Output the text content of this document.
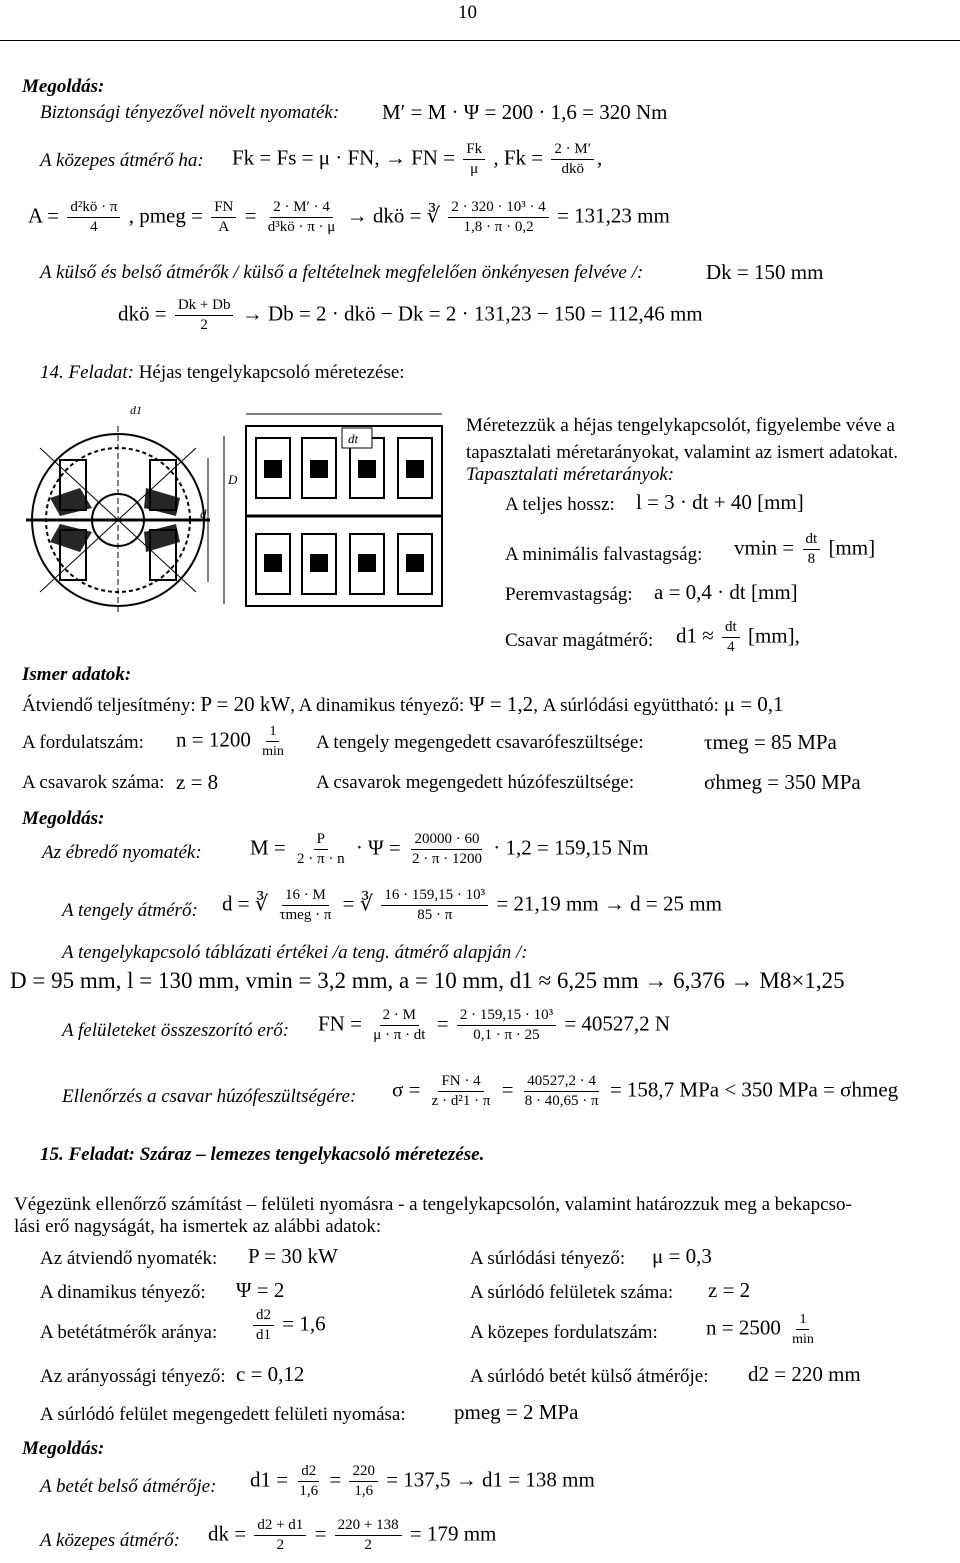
10
Megoldás:
Biztonsági tényezővel növelt nyomaték: M′ = M · Ψ = 200 · 1,6 = 320 Nm
A közepes átmérő ha: Fk = Fs = μ · FN, → FN = $\frac{Fk}{\mu}$ , $Fk = \frac{2 \cdot M'}{\text{dkö}}$ ,
$A = \frac{\text{d²kö · π}}{4}$ , pmeg = $\frac{FN}{A} = \frac{2 \cdot M' \cdot 4}{\text{d³kö · π · μ}}$ → dkö = ∛ $\frac{\text{2 · 320 · 10³ · 4}}{1,8 \cdot \pi \cdot 0,2} = 131,23$ mm
A külső és belső átmérők / külső a feltételnek megfelelően önkényesen felvéve /:	Dk = 150 mm
dkö = $\frac{Dk + Db}{2} \to Db = 2$ · dkö − Dk = 2 · 131,23 − 150 = 112,46 mm
14. Feladat: Héjas tengelykapcsoló méretezése:
d
D
d1
dt
Méretezzük a héjas tengelykapcsolót, figyelembe véve a
tapasztalati méretarányokat, valamint az ismert adatokat.
Tapasztalati méretarányok:
A teljes hossz: l = 3 · dt + 40 [mm]
A minimális falvastagság: $vmin = \frac{dt}{8} [mm]$
Peremvastagság: a = 0,4 · dt [mm]
Csavar magátmérő: $d1 \approx \frac{dt}{4} [mm]$,
Ismer adatok:
Átviendő teljesítmény: P = 20 kW, A dinamikus tényező: Ψ = 1,2, A súrlódási együttható: μ = 0,1
A fordulatszám: $n = 1200 \frac{1}{\min}$ A tengely megengedett csavarófeszültsége:	τmeg = 85 MPa
A csavarok száma: z = 8	A csavarok megengedett húzófeszültsége:	σhmeg = 350 MPa
Megoldás:
Az ébredő nyomaték: $M = \frac{P}{2 \cdot \pi \cdot n} \cdot \Psi = \frac{20000 \cdot 60}{2 \cdot \pi \cdot 1200} \cdot 1,2 = 159,15$ Nm
A tengely átmérő: d = ∛ $\frac{16 \cdot M}{\text{τmeg · π}}$ = ∛ $\frac{\text{16 · 159,15 · 10³}}{85 \cdot \pi} = 21,19$ mm → d = 25 mm
A tengelykapcsoló táblázati értékei /a teng. átmérő alapján /:
D = 95 mm, l = 130 mm, vmin = 3,2 mm, a = 10 mm, d1 ≈ 6,25 mm → 6,376 → M8×1,25
A felületeket összeszorító erő: FN = $\frac{2 \cdot M}{\mu \cdot \pi \cdot dt} = \frac{\text{2 · 159,15 · 10³}}{0,1 \cdot \pi \cdot 25} = 40527,2$ N
Ellenőrzés a csavar húzófeszültségére: $\sigma = \frac{FN \cdot 4}{\text{z · d²1 · π}} = \frac{40527,2 \cdot 4}{8 \cdot 40,65 \cdot \pi} = 158,7$ MPa < 350 MPa = σhmeg
15. Feladat: Száraz – lemezes tengelykacsoló méretezése.
Végezünk ellenőrző számítást – felületi nyomásra - a tengelykapcsolón, valamint határozzuk meg a bekapcso-
lási erő nagyságát, ha ismertek az alábbi adatok:
Az átviendő nyomaték: P = 30 kW	A súrlódási tényező: μ = 0,3
A dinamikus tényező: Ψ = 2	A súrlódó felületek száma: z = 2
A betétátmérők aránya: $\frac{d2}{d1} = 1,6$	A közepes fordulatszám: $n = 2500 \frac{1}{\min}$
Az arányossági tényező: c = 0,12	A súrlódó betét külső átmérője: d2 = 220 mm
A súrlódó felület megengedett felületi nyomása: pmeg = 2 MPa
Megoldás:
A betét belső átmérője: $d1 = \frac{d2}{1,6} = \frac{220}{1,6} = 137,5 \to d1 = 138$ mm
A közepes átmérő: dk = $\frac{d2 + d1}{2} = \frac{220 + 138}{2} = 179$ mm
